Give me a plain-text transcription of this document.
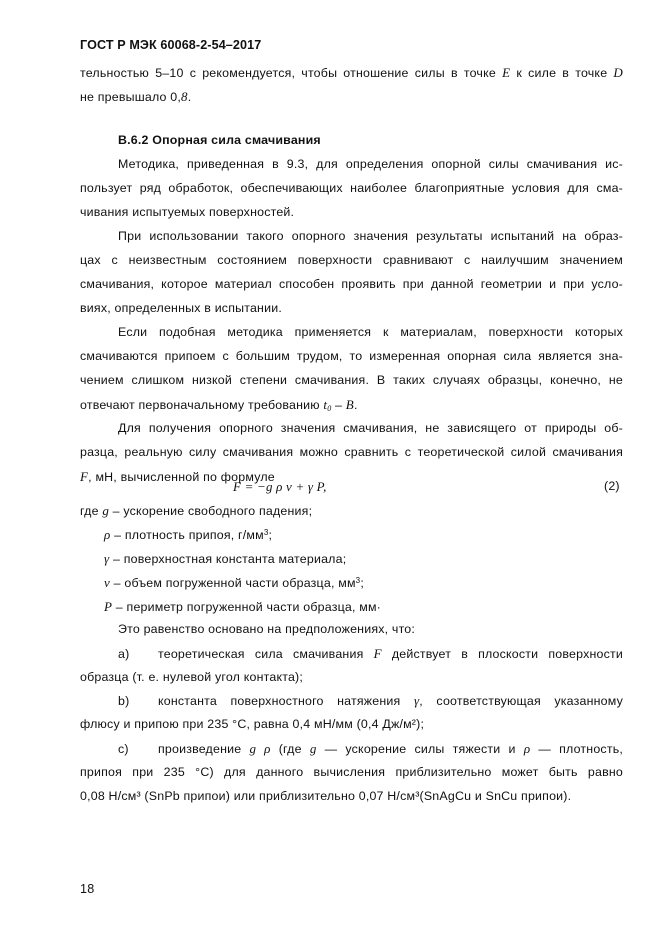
ГОСТ Р МЭК 60068-2-54–2017
тельностью 5–10 с рекомендуется, чтобы отношение силы в точке E к силе в точке D
не превышало 0,8.
В.6.2 Опорная сила смачивания
Методика, приведенная в 9.3, для определения опорной силы смачивания ис-
пользует ряд обработок, обеспечивающих наиболее благоприятные условия для сма-
чивания испытуемых поверхностей.
При использовании такого опорного значения результаты испытаний на образ-
цах с неизвестным состоянием поверхности сравнивают с наилучшим значением
смачивания, которое материал способен проявить при данной геометрии и при усло-
виях, определенных в испытании.
Если подобная методика применяется к материалам, поверхности которых
смачиваются припоем с большим трудом, то измеренная опорная сила является зна-
чением слишком низкой степени смачивания. В таких случаях образцы, конечно, не
отвечают первоначальному требованию $t_0$ – B.
Для получения опорного значения смачивания, не зависящего от природы об-
разца, реальную силу смачивания можно сравнить с теоретической силой смачивания
F, мН, вычисленной по формуле
F = −g ρ v + γ P,	(2)
где g – ускорение свободного падения;
ρ – плотность припоя, $г/мм^3$;
γ – поверхностная константа материала;
v – объем погруженной части образца, $мм^3$;
P – периметр погруженной части образца, мм·
Это равенство основано на предположениях, что:
a) теоретическая сила смачивания F действует в плоскости поверхности
образца (т. е. нулевой угол контакта);
b) константа поверхностного натяжения γ, соответствующая указанному
флюсу и припою при 235 °С, равна 0,4 мН/мм (0,4 Дж/м²);
c) произведение g ρ (где g — ускорение силы тяжести и ρ — плотность,
припоя при 235 °С) для данного вычисления приблизительно может быть равно
0,08 Н/см³ (SnPb припои) или приблизительно 0,07 Н/см³(SnAgCu и SnCu припои).
18
